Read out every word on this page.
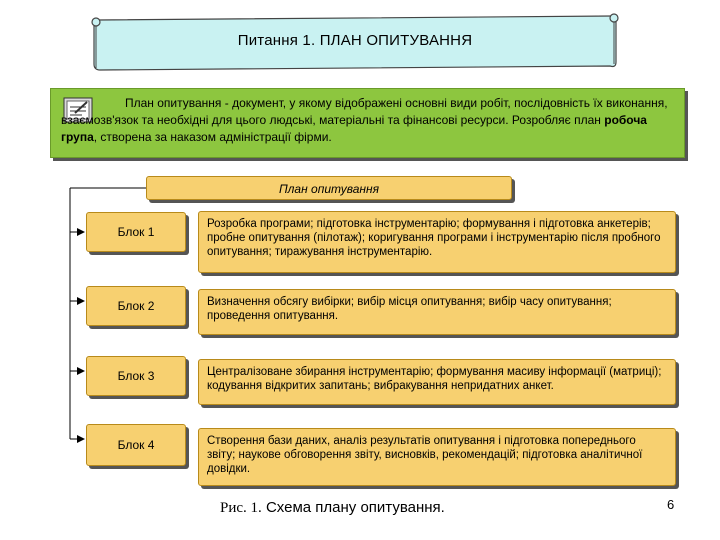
Питання 1. ПЛАН ОПИТУВАННЯ
План опитування - документ, у якому відображені основні види робіт, послідовність їх виконання, взаємозв'язок та необхідні для цього людські, матеріальні та фінансові ресурси. Розробляє план робоча група, створена за наказом адміністрації фірми.
План опитування
Блок 1
Розробка програми; підготовка інструментарію; формування і підготовка анкетерів; пробне опитування (пілотаж); коригування програми і інструментарію після пробного опитування; тиражування інструментарію.
Блок 2	Визначення обсягу вибірки; вибір місця опитування; вибір часу опитування; проведення опитування.
Блок 3	Централізоване збирання інструментарію; формування масиву інформації (матриці); кодування відкритих запитань; вибракування непридатних анкет.
Блок 4	Створення бази даних, аналіз результатів опитування і підготовка попереднього звіту; наукове обговорення звіту, висновків, рекомендацій; підготовка аналітичної довідки.
Рис. 1. Схема плану опитування.	6
